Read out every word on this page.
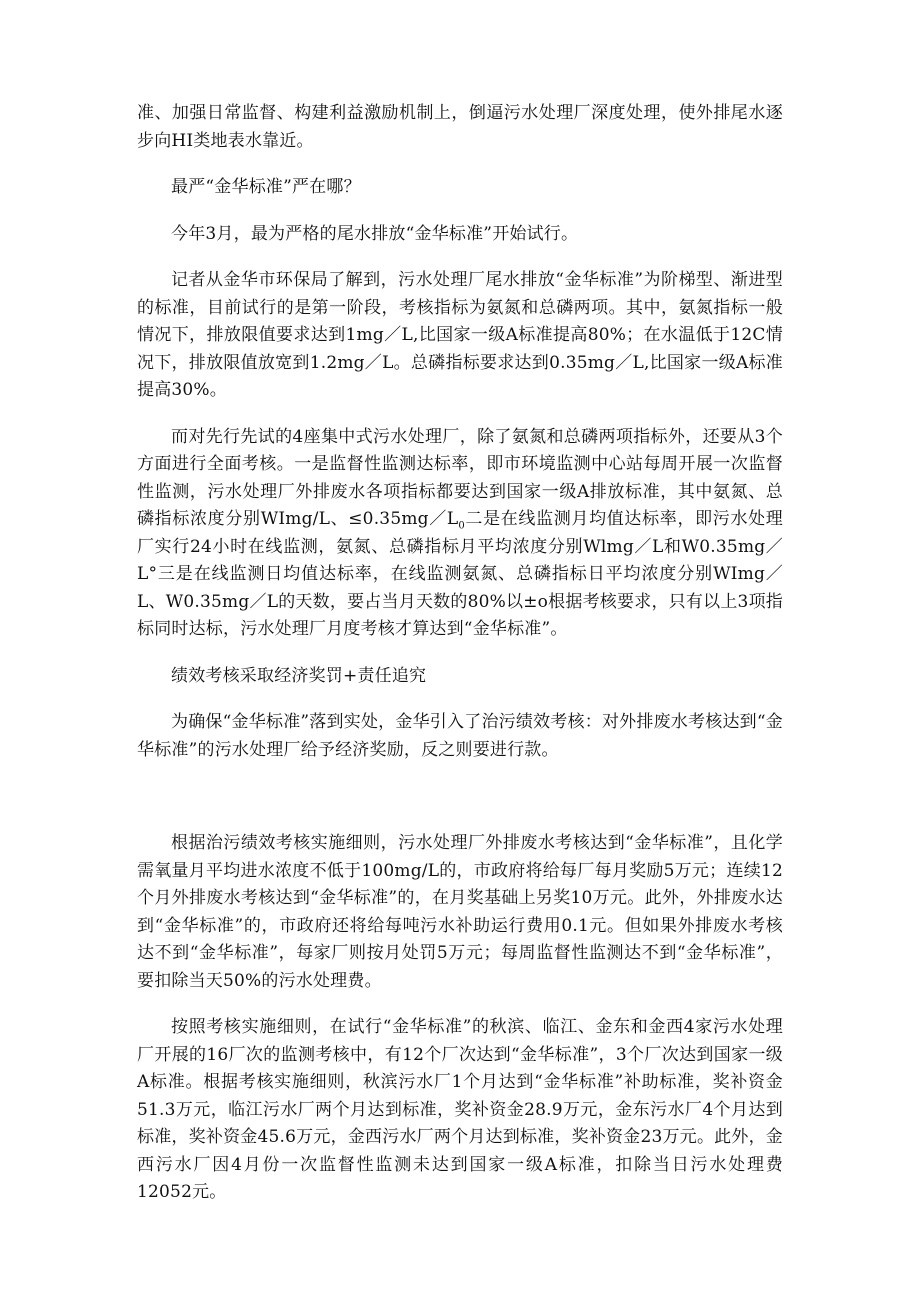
准、加强日常监督、构建利益激励机制上，倒逼污水处理厂深度处理，使外排尾水逐步向HI类地表水靠近。

最严“金华标准”严在哪？

今年3月，最为严格的尾水排放“金华标准”开始试行。

记者从金华市环保局了解到，污水处理厂尾水排放“金华标准”为阶梯型、渐进型的标准，目前试行的是第一阶段，考核指标为氨氮和总磷两项。其中，氨氮指标一般情况下，排放限值要求达到1mg／L,比国家一级A标准提高80%；在水温低于12C情况下，排放限值放宽到1.2mg／L。总磷指标要求达到0.35mg／L,比国家一级A标准提高30%。

而对先行先试的4座集中式污水处理厂，除了氨氮和总磷两项指标外，还要从3个方面进行全面考核。一是监督性监测达标率，即市环境监测中心站每周开展一次监督性监测，污水处理厂外排废水各项指标都要达到国家一级A排放标准，其中氨氮、总磷指标浓度分别WImg/L、$\le 0.35mg/L_0$二是在线监测月均值达标率，即污水处理厂实行24小时在线监测，氨氮、总磷指标月平均浓度分别Wlmg／L和W0.35mg／L°三是在线监测日均值达标率，在线监测氨氮、总磷指标日平均浓度分别WImg／L、W0.35mg／L的天数，要占当月天数的80%以±o根据考核要求，只有以上3项指标同时达标，污水处理厂月度考核才算达到“金华标准”。

绩效考核采取经济奖罚+责任追究

为确保“金华标准”落到实处，金华引入了治污绩效考核：对外排废水考核达到“金华标准”的污水处理厂给予经济奖励，反之则要进行款。

根据治污绩效考核实施细则，污水处理厂外排废水考核达到“金华标准”，且化学需氧量月平均进水浓度不低于100mg/L的，市政府将给每厂每月奖励5万元；连续12个月外排废水考核达到“金华标准”的，在月奖基础上另奖10万元。此外，外排废水达到“金华标准”的，市政府还将给每吨污水补助运行费用0.1元。但如果外排废水考核达不到“金华标准”，每家厂则按月处罚5万元；每周监督性监测达不到“金华标准”，要扣除当天50%的污水处理费。

按照考核实施细则，在试行“金华标准”的秋滨、临江、金东和金西4家污水处理厂开展的16厂次的监测考核中，有12个厂次达到“金华标准”，3个厂次达到国家一级A标准。根据考核实施细则，秋滨污水厂1个月达到“金华标准”补助标准，奖补资金51.3万元，临江污水厂两个月达到标准，奖补资金28.9万元，金东污水厂4个月达到标准，奖补资金45.6万元，金西污水厂两个月达到标准，奖补资金23万元。此外，金西污水厂因4月份一次监督性监测未达到国家一级A标准，扣除当日污水处理费12052元。
